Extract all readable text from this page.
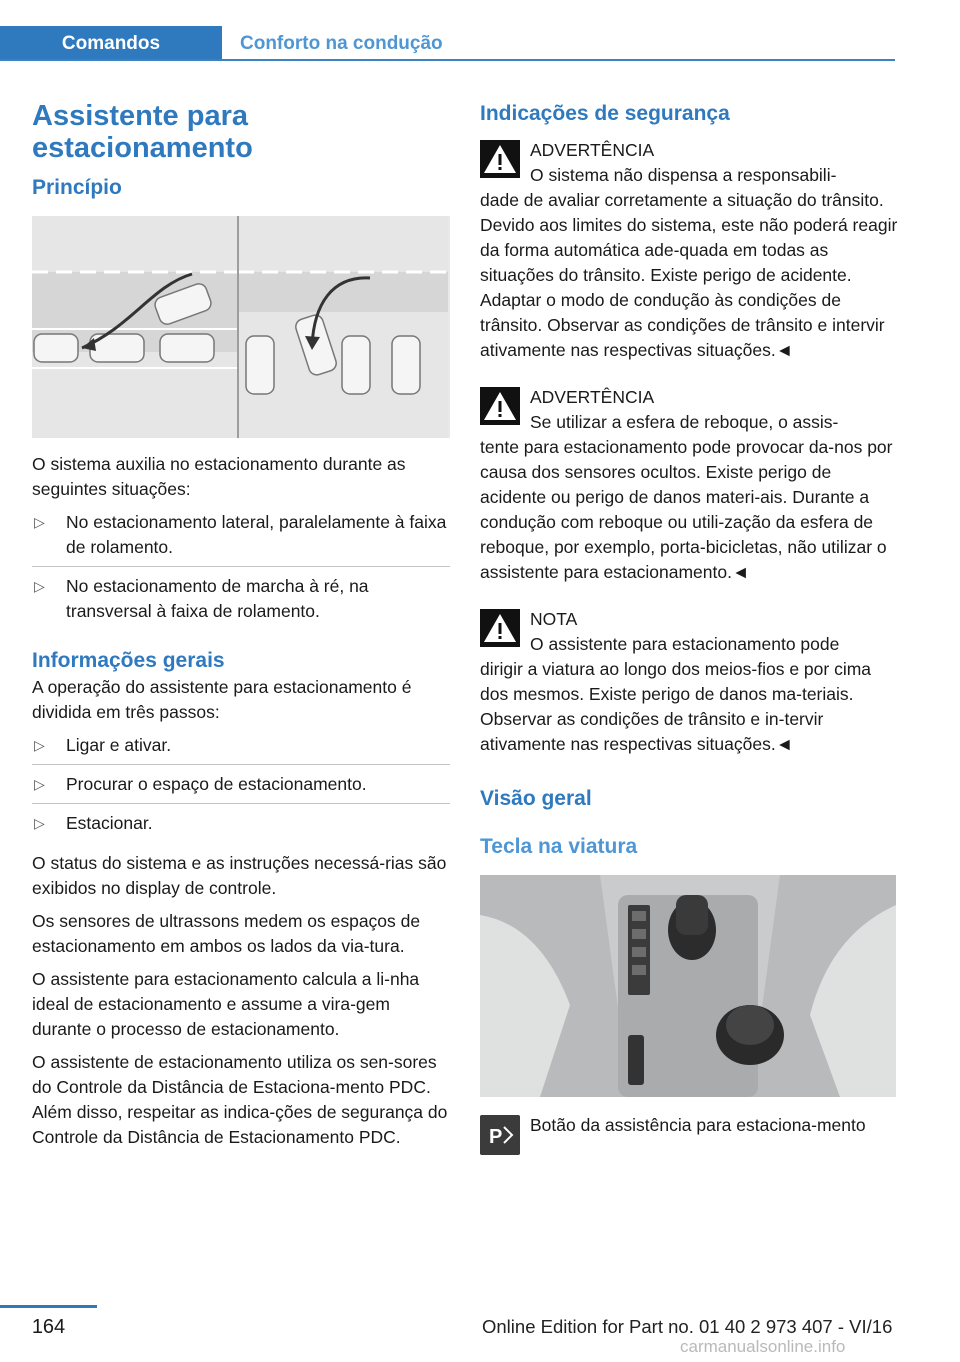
Comandos	Conforto na condução
Assistente para estacionamento
Princípio

O sistema auxilia no estacionamento durante as seguintes situações:

▷ No estacionamento lateral, paralelamente à faixa de rolamento.
▷ No estacionamento de marcha à ré, na transversal à faixa de rolamento.
Informações gerais

A operação do assistente para estacionamento é dividida em três passos:

▷ Ligar e ativar.
▷ Procurar o espaço de estacionamento.
▷ Estacionar.

O status do sistema e as instruções necessá-rias são exibidos no display de controle.

Os sensores de ultrassons medem os espaços de estacionamento em ambos os lados da via-tura.

O assistente para estacionamento calcula a li-nha ideal de estacionamento e assume a vira-gem durante o processo de estacionamento.

O assistente de estacionamento utiliza os sen-sores do Controle da Distância de Estaciona-mento PDC. Além disso, respeitar as indica-ções de segurança do Controle da Distância de Estacionamento PDC.

Indicações de segurança
ADVERTÊNCIA
O sistema não dispensa a responsabili-
dade de avaliar corretamente a situação do trânsito. Devido aos limites do sistema, este não poderá reagir da forma automática ade-quada em todas as situações do trânsito. Existe perigo de acidente. Adaptar o modo de condução às condições de trânsito. Observar as condições de trânsito e intervir ativamente nas respectivas situações.◄
ADVERTÊNCIA
Se utilizar a esfera de reboque, o assis-
tente para estacionamento pode provocar da-nos por causa dos sensores ocultos. Existe perigo de acidente ou perigo de danos materi-ais. Durante a condução com reboque ou utili-zação da esfera de reboque, por exemplo, porta-bicicletas, não utilizar o assistente para estacionamento.◄
NOTA
O assistente para estacionamento pode
dirigir a viatura ao longo dos meios-fios e por cima dos mesmos. Existe perigo de danos ma-teriais. Observar as condições de trânsito e in-tervir ativamente nas respectivas situações.◄
Visão geral
Tecla na viatura
P
Botão da assistência para estaciona-mento
164	Online Edition for Part no. 01 40 2 973 407 - VI/16
carmanualsonline.info
